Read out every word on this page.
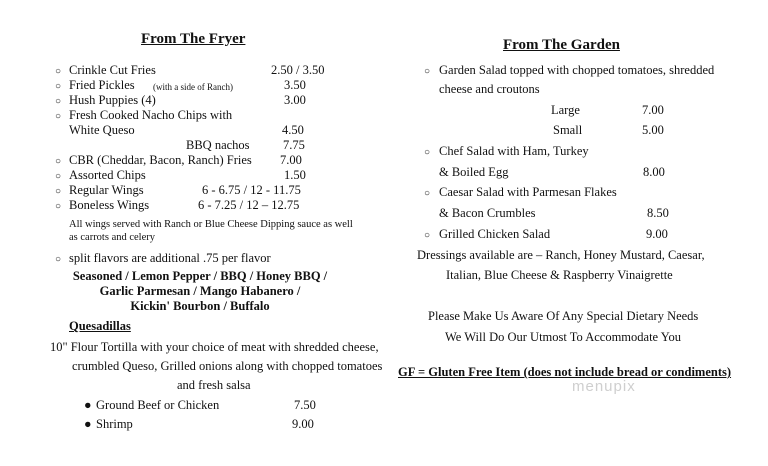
From The Fryer
○ Crinkle Cut Fries	2.50 / 3.50
○ Fried Pickles (with a side of Ranch)	3.50
○ Hush Puppies (4)	3.00
○ Fresh Cooked Nacho Chips with
White Queso	4.50
BBQ nachos	7.75
○ CBR (Cheddar, Bacon, Ranch) Fries 7.00
○ Assorted Chips	1.50
○ Regular Wings	6 - 6.75 / 12 - 11.75
○ Boneless Wings	6 - 7.25 / 12 – 12.75
All wings served with Ranch or Blue Cheese Dipping sauce as well as carrots and celery
○ split flavors are additional .75 per flavor
Seasoned / Lemon Pepper / BBQ / Honey BBQ /
Garlic Parmesan / Mango Habanero /
Kickin' Bourbon / Buffalo
Quesadillas
10" Flour Tortilla with your choice of meat with shredded cheese,
crumbled Queso, Grilled onions along with chopped tomatoes
and fresh salsa
● Ground Beef or Chicken	7.50
● Shrimp	9.00
From The Garden
○ Garden Salad topped with chopped tomatoes, shredded
cheese and croutons
Large	7.00
Small	5.00
○ Chef Salad with Ham, Turkey
& Boiled Egg	8.00
○ Caesar Salad with Parmesan Flakes
& Bacon Crumbles	8.50
○ Grilled Chicken Salad	9.00
Dressings available are – Ranch, Honey Mustard, Caesar,
Italian, Blue Cheese & Raspberry Vinaigrette
Please Make Us Aware Of Any Special Dietary Needs
We Will Do Our Utmost To Accommodate You
GF = Gluten Free Item (does not include bread or condiments)
menupix
